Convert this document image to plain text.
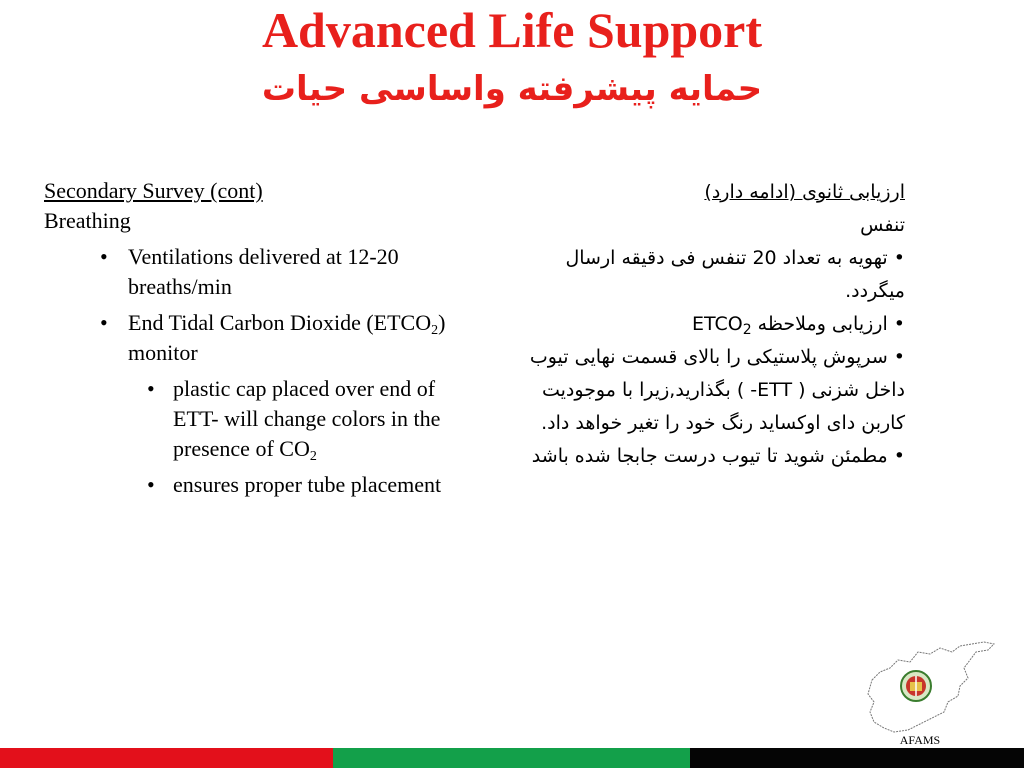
Advanced Life Support
حمایه پیشرفته واساسی حیات
Secondary Survey (cont)
Breathing
• Ventilations delivered at 12-20 breaths/min
• End Tidal Carbon Dioxide $(ETCO_2)$ monitor
• plastic cap placed over end of ETT- will change colors in the presence of $CO_2$
• ensures proper tube placement
ارزیابی ثانوی (ادامه دارد)
تنفس
• تهویه به تعداد 20 تنفس فی دقیقه ارسال میگردد.
• ارزیابی وملاحظه $ETCO_2$
• سرپوش پلاستیکی را بالای قسمت نهایی تیوب داخل شزنی ( ETT- ) بگذارید,زیرا با موجودیت کاربن دای اوکساید رنگ خود را تغیر خواهد داد.
• مطمئن شوید تا تیوب درست جابجا شده باشد
AFAMS
